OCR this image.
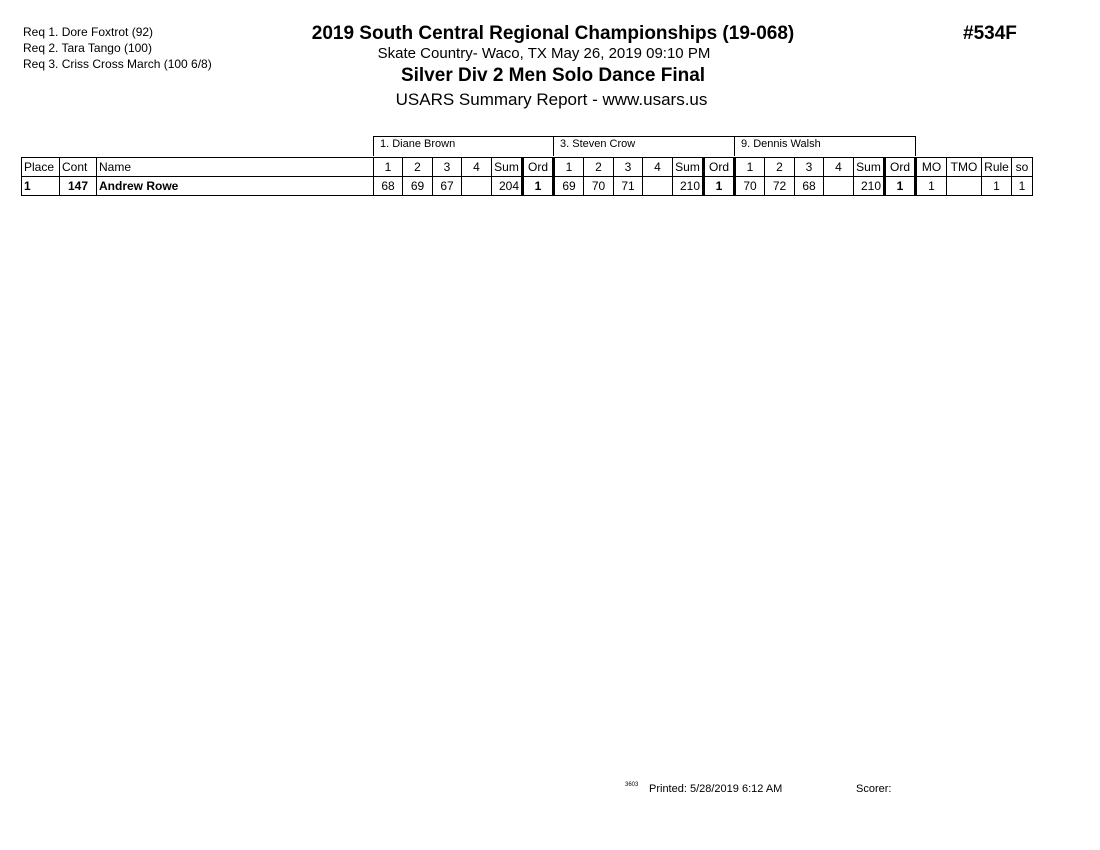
Req 1. Dore Foxtrot (92)
Req 2. Tara Tango (100)
Req 3. Criss Cross March (100 6/8)
2019 South Central Regional Championships (19-068)
Skate Country- Waco, TX May 26, 2019 09:10 PM
Silver Div 2 Men Solo Dance Final
USARS Summary Report - www.usars.us
#534F
1. Diane Brown	3. Steven Crow	9. Dennis Walsh
Place	Cont	Name	1	2	3	4	Sum	Ord	1	2	3	4	Sum	Ord	1	2	3	4	Sum	Ord	MO	TMO	Rule	so
1	147	Andrew Rowe	68	69	67		204	1	69	70	71		210	1	70	72	68		210	1	1		1	1
3603 Printed: 5/28/2019 6:12 AM	Scorer:
